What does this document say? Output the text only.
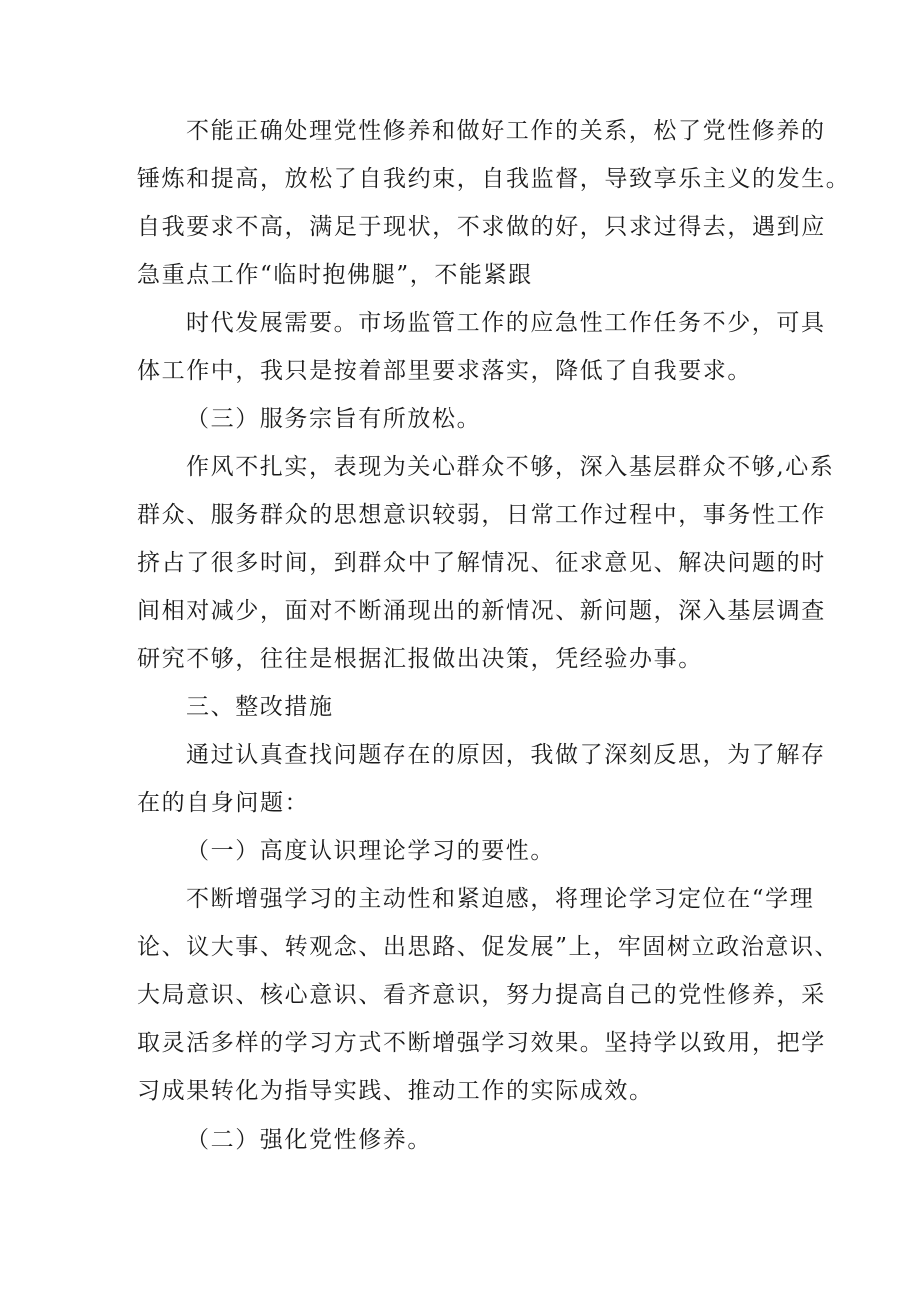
不能正确处理党性修养和做好工作的关系，松了党性修养的
锤炼和提高，放松了自我约束，自我监督，导致享乐主义的发生。
自我要求不高，满足于现状，不求做的好，只求过得去，遇到应
急重点工作“临时抱佛腿”，不能紧跟
时代发展需要。市场监管工作的应急性工作任务不少，可具
体工作中，我只是按着部里要求落实，降低了自我要求。
（三）服务宗旨有所放松。
作风不扎实，表现为关心群众不够，深入基层群众不够,心系
群众、服务群众的思想意识较弱，日常工作过程中，事务性工作
挤占了很多时间，到群众中了解情况、征求意见、解决问题的时
间相对减少，面对不断涌现出的新情况、新问题，深入基层调查
研究不够，往往是根据汇报做出决策，凭经验办事。
三、整改措施
通过认真查找问题存在的原因，我做了深刻反思，为了解存
在的自身问题：
（一）高度认识理论学习的要性。
不断增强学习的主动性和紧迫感，将理论学习定位在“学理
论、议大事、转观念、出思路、促发展”上，牢固树立政治意识、
大局意识、核心意识、看齐意识，努力提高自己的党性修养，采
取灵活多样的学习方式不断增强学习效果。坚持学以致用，把学
习成果转化为指导实践、推动工作的实际成效。
（二）强化党性修养。
